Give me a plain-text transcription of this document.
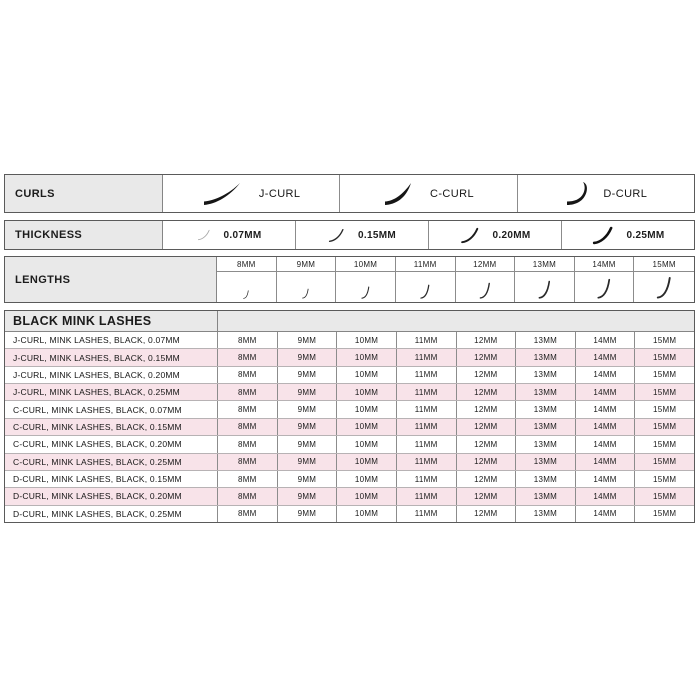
CURLS	J-CURL	C-CURL	D-CURL
THICKNESS	0.07MM	0.15MM	0.20MM	0.25MM
LENGTHS
8MM	9MM	10MM	11MM	12MM	13MM	14MM	15MM
BLACK MINK LASHES
J-CURL, MINK LASHES, BLACK, 0.07MM	8MM	9MM	10MM	11MM	12MM	13MM	14MM	15MM
J-CURL, MINK LASHES, BLACK, 0.15MM	8MM	9MM	10MM	11MM	12MM	13MM	14MM	15MM
J-CURL, MINK LASHES, BLACK, 0.20MM	8MM	9MM	10MM	11MM	12MM	13MM	14MM	15MM
J-CURL, MINK LASHES, BLACK, 0.25MM	8MM	9MM	10MM	11MM	12MM	13MM	14MM	15MM
C-CURL, MINK LASHES, BLACK, 0.07MM	8MM	9MM	10MM	11MM	12MM	13MM	14MM	15MM
C-CURL, MINK LASHES, BLACK, 0.15MM	8MM	9MM	10MM	11MM	12MM	13MM	14MM	15MM
C-CURL, MINK LASHES, BLACK, 0.20MM	8MM	9MM	10MM	11MM	12MM	13MM	14MM	15MM
C-CURL, MINK LASHES, BLACK, 0.25MM	8MM	9MM	10MM	11MM	12MM	13MM	14MM	15MM
D-CURL, MINK LASHES, BLACK, 0.15MM	8MM	9MM	10MM	11MM	12MM	13MM	14MM	15MM
D-CURL, MINK LASHES, BLACK, 0.20MM	8MM	9MM	10MM	11MM	12MM	13MM	14MM	15MM
D-CURL, MINK LASHES, BLACK, 0.25MM	8MM	9MM	10MM	11MM	12MM	13MM	14MM	15MM
